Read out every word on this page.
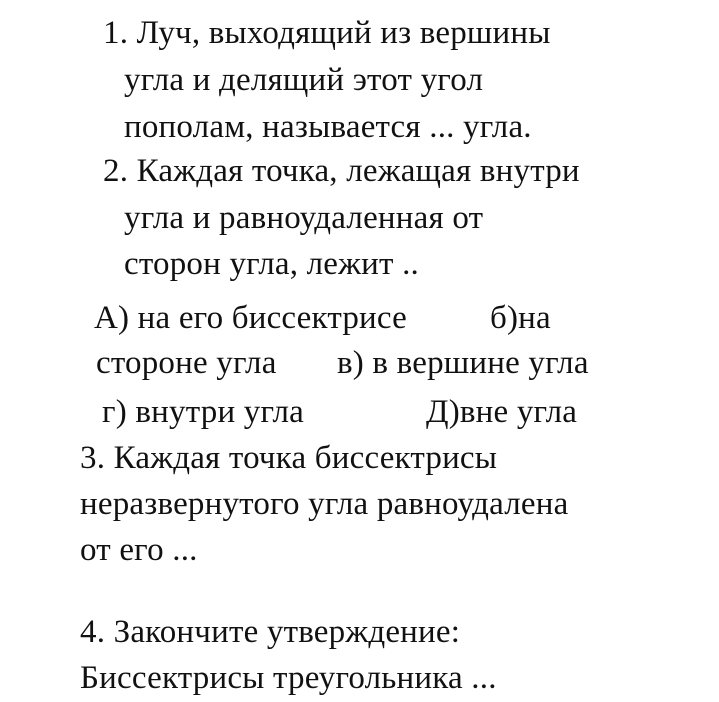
1. Луч, выходящий из вершины
угла и делящий этот угол
пополам, называется ... угла.
2. Каждая точка, лежащая внутри
угла и равноудаленная от
сторон угла, лежит ..
А) на его биссектрисе	б)на
стороне угла в) в вершине угла
г) внутри угла	Д)вне угла
3. Каждая точка биссектрисы
неразвернутого угла равноудалена
от его ...
4. Закончите утверждение:
Биссектрисы треугольника ...
